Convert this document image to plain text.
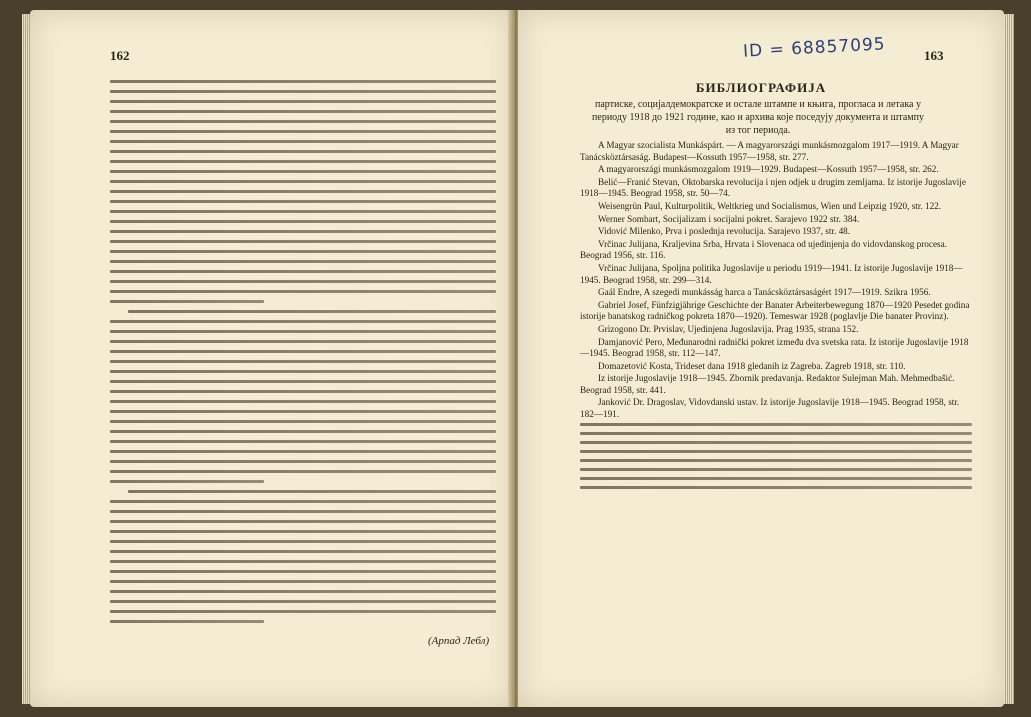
162
(Арпад Лебл)
ID = 68857095	163
БИБЛИОГРАФИЈА
партиске, социјалдемократске и остале штампе и књига, прогласа и летака у периоду 1918 до 1921 године, као и архива које поседују документа и штампу из тог периода.
A Magyar szocialista Munkáspárt. — A magyarországi munkásmozgalom 1917—1919. A Magyar Tanácsköztársaság. Budapest—Kossuth 1957—1958, str. 277.
A magyarországi munkásmozgalom 1919—1929. Budapest—Kossuth 1957—1958, str. 262.
Belić—Franić Stevan, Oktobarska revolucija i njen odjek u drugim zemljama. Iz istorije Jugoslavije 1918—1945. Beograd 1958, str. 50—74.
Weisengrün Paul, Kulturpolitik, Weltkrieg und Socialismus, Wien und Leipzig 1920, str. 122.
Werner Sombart, Socijalizam i socijalni pokret. Sarajevo 1922 str. 384.
Vidović Milenko, Prva i poslednja revolucija. Sarajevo 1937, str. 48.
Vrčinac Julijana, Kraljevina Srba, Hrvata i Slovenaca od ujedinjenja do vidovdanskog procesa. Beograd 1956, str. 116.
Vrčinac Julijana, Spoljna politika Jugoslavije u periodu 1919—1941. Iz istorije Jugoslavije 1918—1945. Beograd 1958, str. 299—314.
Gaál Endre, A szegedi munkásság harca a Tanácsköztársaságért 1917—1919. Szikra 1956.
Gabriel Josef, Fünfzigjährige Geschichte der Banater Arbeiterbewegung 1870—1920 Pesedet godina istorije banatskog radničkog pokreta 1870—1920). Temeswar 1928 (poglavlje Die banater Provinz).
Grizogono Dr. Prvislav, Ujedinjena Jugoslavija. Prag 1935, strana 152.
Damjanović Pero, Međunarodni radnički pokret između dva svetska rata. Iz istorije Jugoslavije 1918—1945. Beograd 1958, str. 112—147.
Domazetović Kosta, Trideset dana 1918 gledanih iz Zagreba. Zagreb 1918, str. 110.
Iz istorije Jugoslavije 1918—1945. Zbornik predavanja. Redaktor Sulejman Mah. Mehmedbašić. Beograd 1958, str. 441.
Janković Dr. Dragoslav, Vidovdanski ustav. Iz istorije Jugoslavije 1918—1945. Beograd 1958, str. 182—191.
